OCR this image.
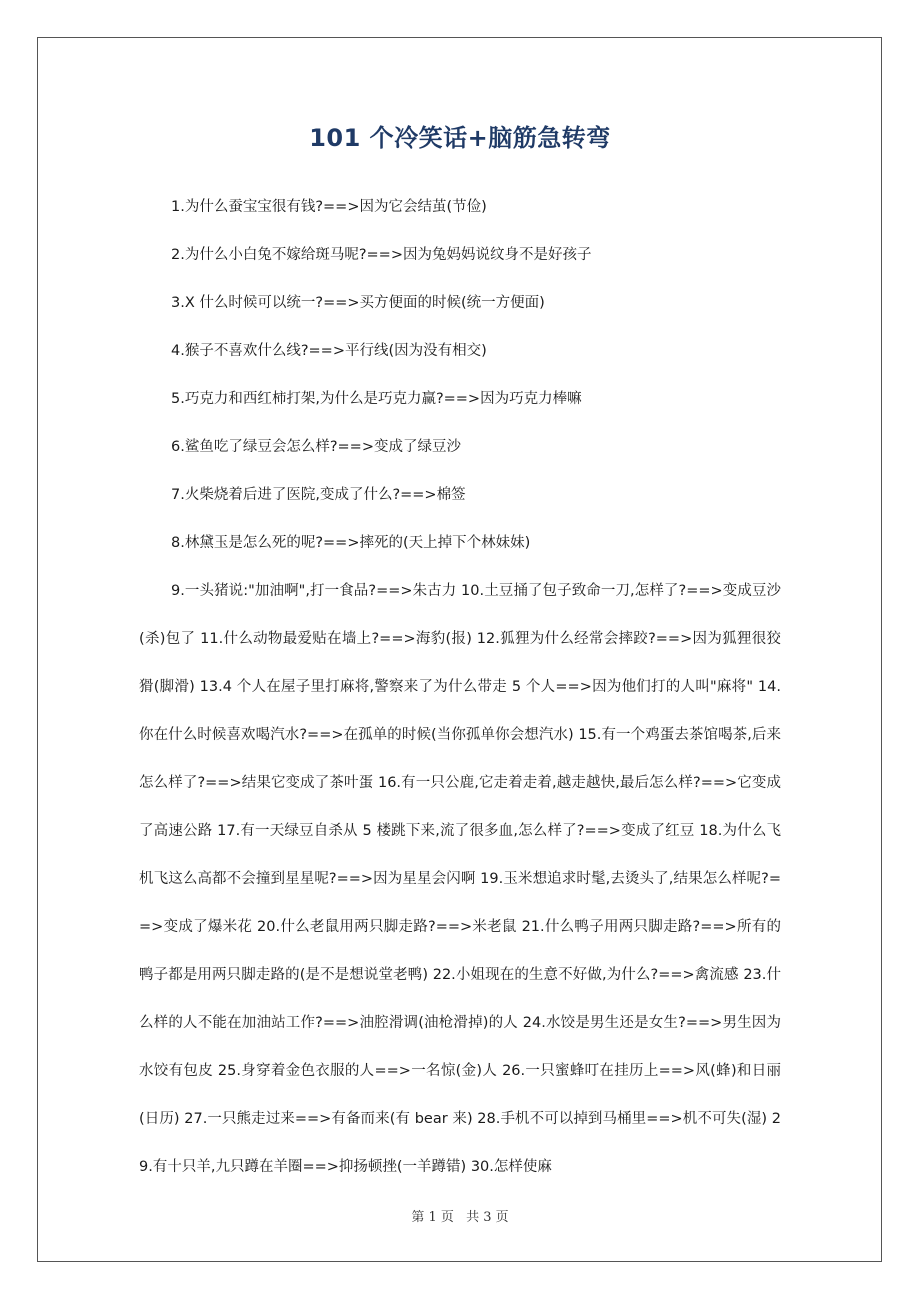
101 个冷笑话+脑筋急转弯

1.为什么蚕宝宝很有钱?==>因为它会结茧(节俭)

2.为什么小白兔不嫁给斑马呢?==>因为兔妈妈说纹身不是好孩子

3.X 什么时候可以统一?==>买方便面的时候(统一方便面)

4.猴子不喜欢什么线?==>平行线(因为没有相交)

5.巧克力和西红柿打架,为什么是巧克力赢?==>因为巧克力棒嘛

6.鲨鱼吃了绿豆会怎么样?==>变成了绿豆沙

7.火柴烧着后进了医院,变成了什么?==>棉签

8.林黛玉是怎么死的呢?==>摔死的(天上掉下个林妹妹)

9.一头猪说:"加油啊",打一食品?==>朱古力 10.土豆捅了包子致命一刀,怎样了?==>变成豆沙(杀)包了 11.什么动物最爱贴在墙上?==>海豹(报) 12.狐狸为什么经常会摔跤?==>因为狐狸很狡猾(脚滑) 13.4 个人在屋子里打麻将,警察来了为什么带走 5 个人==>因为他们打的人叫"麻将" 14.你在什么时候喜欢喝汽水?==>在孤单的时候(当你孤单你会想汽水) 15.有一个鸡蛋去茶馆喝茶,后来怎么样了?==>结果它变成了茶叶蛋 16.有一只公鹿,它走着走着,越走越快,最后怎么样?==>它变成了高速公路 17.有一天绿豆自杀从 5 楼跳下来,流了很多血,怎么样了?==>变成了红豆 18.为什么飞机飞这么高都不会撞到星星呢?==>因为星星会闪啊 19.玉米想追求时髦,去烫头了,结果怎么样呢?==>变成了爆米花 20.什么老鼠用两只脚走路?==>米老鼠 21.什么鸭子用两只脚走路?==>所有的鸭子都是用两只脚走路的(是不是想说堂老鸭) 22.小姐现在的生意不好做,为什么?==>禽流感 23.什么样的人不能在加油站工作?==>油腔滑调(油枪滑掉)的人 24.水饺是男生还是女生?==>男生因为水饺有包皮 25.身穿着金色衣服的人==>一名惊(金)人 26.一只蜜蜂叮在挂历上==>风(蜂)和日丽(日历) 27.一只熊走过来==>有备而来(有 bear 来) 28.手机不可以掉到马桶里==>机不可失(湿) 29.有十只羊,九只蹲在羊圈==>抑扬顿挫(一羊蹲错) 30.怎样使麻

第 1 页 共 3 页
